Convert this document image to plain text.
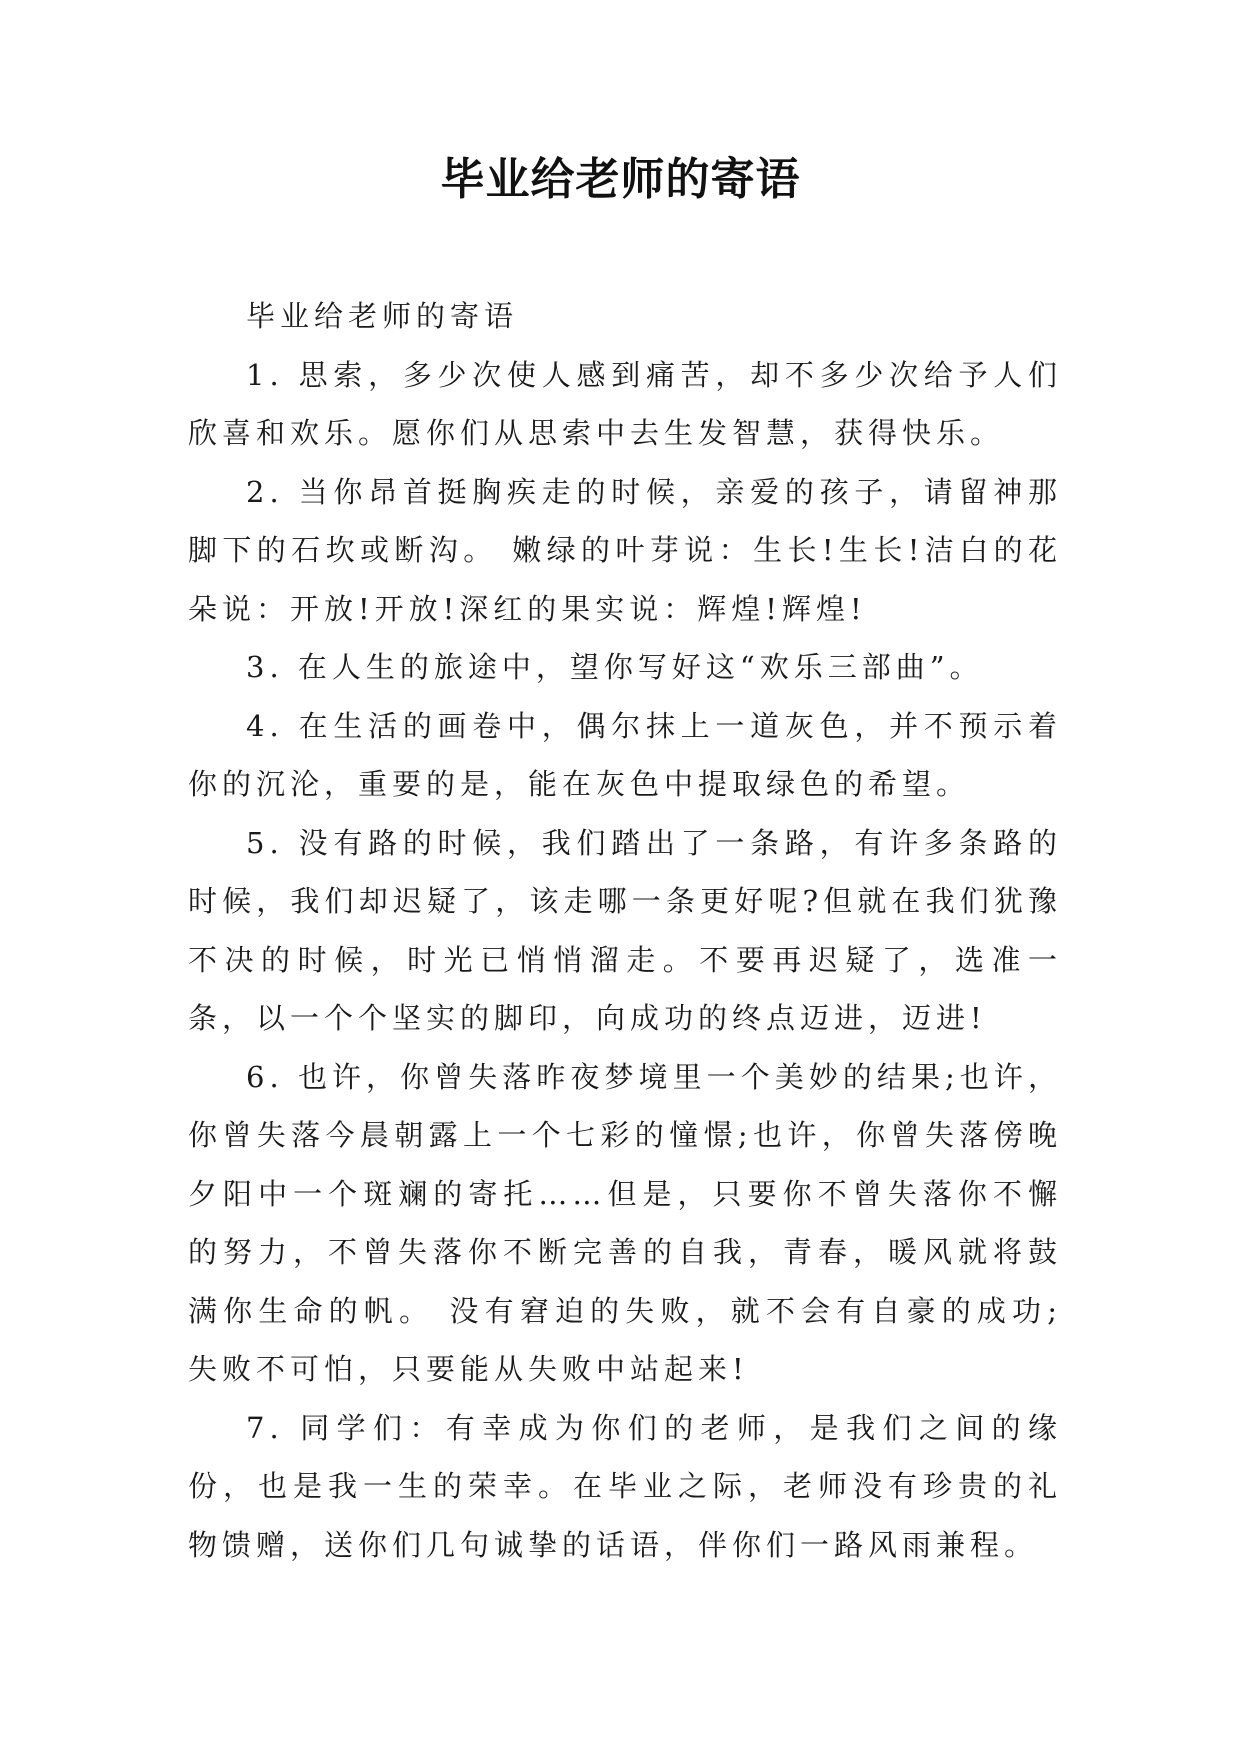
毕业给老师的寄语

毕业给老师的寄语

1. 思索，多少次使人感到痛苦，却不多少次给予人们欣喜和欢乐。愿你们从思索中去生发智慧，获得快乐。

2. 当你昂首挺胸疾走的时候，亲爱的孩子，请留神那脚下的石坎或断沟。 嫩绿的叶芽说：生长!生长!洁白的花朵说：开放!开放!深红的果实说：辉煌!辉煌!

3. 在人生的旅途中，望你写好这“欢乐三部曲”。

4. 在生活的画卷中，偶尔抹上一道灰色，并不预示着你的沉沦，重要的是，能在灰色中提取绿色的希望。

5. 没有路的时候，我们踏出了一条路，有许多条路的时候，我们却迟疑了，该走哪一条更好呢?但就在我们犹豫不决的时候，时光已悄悄溜走。不要再迟疑了，选准一条，以一个个坚实的脚印，向成功的终点迈进，迈进!

6. 也许，你曾失落昨夜梦境里一个美妙的结果;也许，你曾失落今晨朝露上一个七彩的憧憬;也许，你曾失落傍晚夕阳中一个斑斓的寄托……但是，只要你不曾失落你不懈的努力，不曾失落你不断完善的自我，青春，暖风就将鼓满你生命的帆。 没有窘迫的失败，就不会有自豪的成功;失败不可怕，只要能从失败中站起来!

7. 同学们：有幸成为你们的老师，是我们之间的缘份，也是我一生的荣幸。在毕业之际，老师没有珍贵的礼物馈赠，送你们几句诚挚的话语，伴你们一路风雨兼程。
